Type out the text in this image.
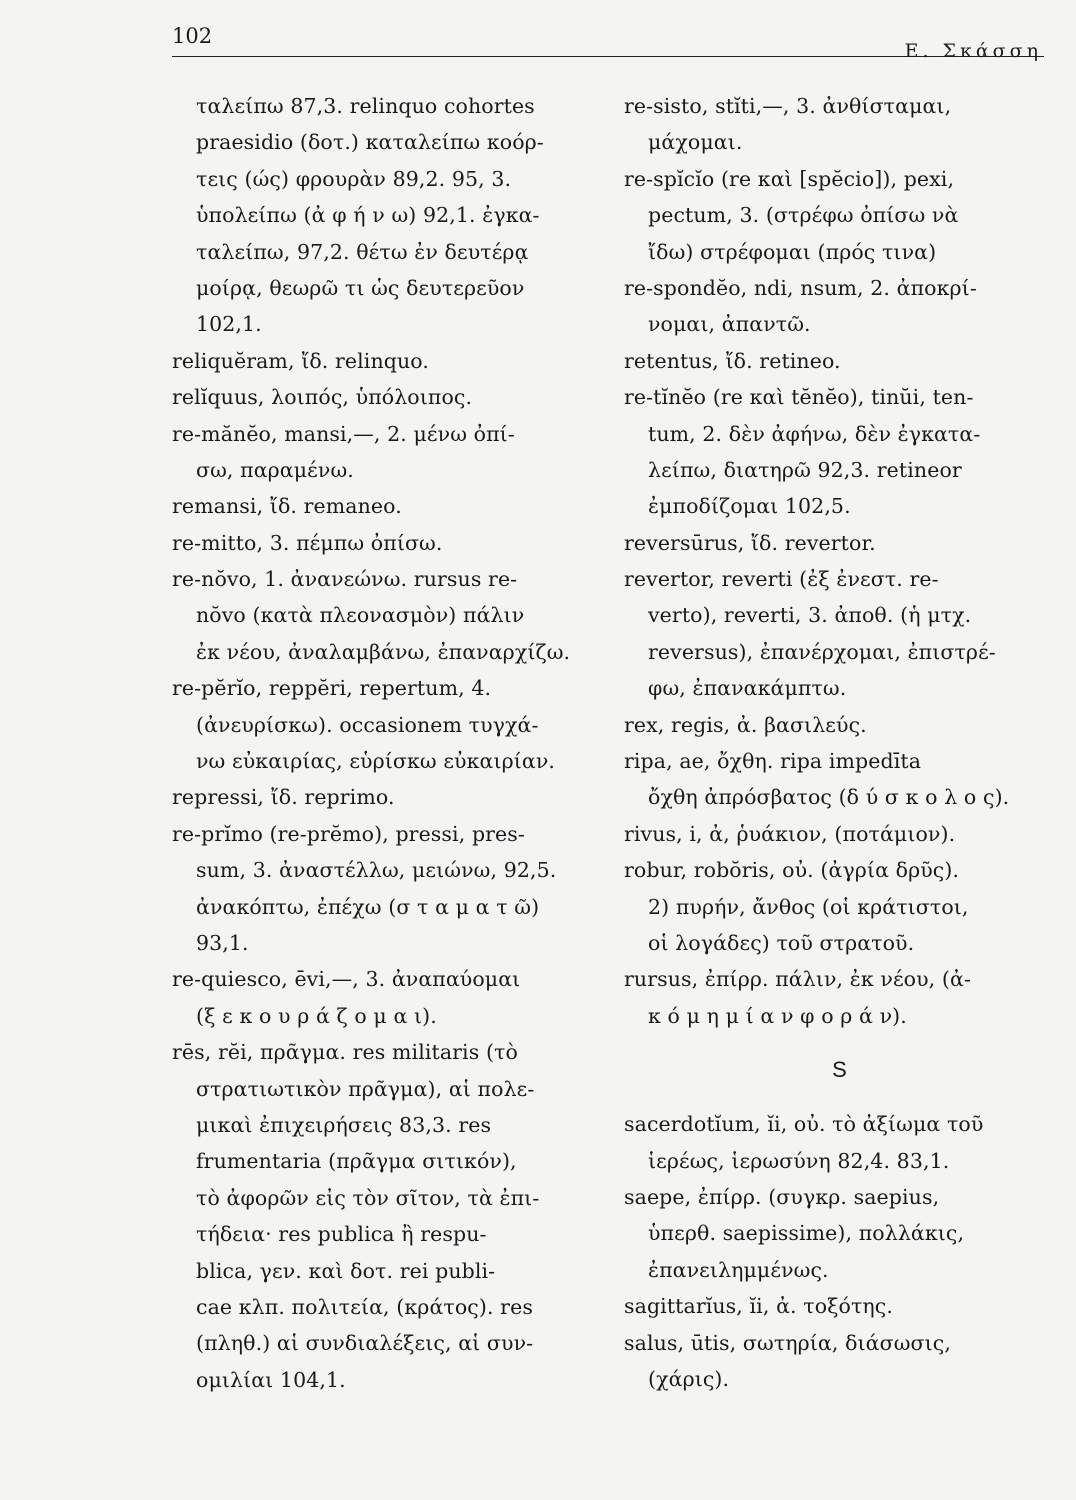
102
Ε. Σκάσση
ταλείπω 87,3. relinquo cohortes
praesidio (δοτ.) καταλείπω κοόρ-
τεις (ώς) φρουρὰν 89,2. 95, 3.
ὑπολείπω (ἀ φ ή ν ω) 92,1. ἐγκα-
ταλείπω, 97,2. θέτω ἐν δευτέρᾳ
μοίρᾳ, θεωρῶ τι ὡς δευτερεῦον
102,1.
reliquĕram, ἴδ. relinquo.
relĭquus, λοιπός, ὑπόλοιπος.
re-mănĕo, mansi,—, 2. μένω ὀπί-
σω, παραμένω.
remansi, ἴδ. remaneo.
re-mitto, 3. πέμπω ὀπίσω.
re-nŏvo, 1. ἀνανεώνω. rursus re-
nŏvo (κατὰ πλεονασμὸν) πάλιν
ἐκ νέου, ἀναλαμβάνω, ἐπαναρχίζω.
re-pĕrĭo, reppĕri, repertum, 4.
(ἀνευρίσκω). occasionem τυγχά-
νω εὐκαιρίας, εὑρίσκω εὐκαιρίαν.
repressi, ἴδ. reprimo.
re-prĭmo (re-prĕmo), pressi, pres-
sum, 3. ἀναστέλλω, μειώνω, 92,5.
ἀνακόπτω, ἐπέχω (σ τ α μ α τ ῶ)
93,1.
re-quiesco, ēvi,—, 3. ἀναπαύομαι
(ξ ε κ ο υ ρ ά ζ ο μ α ι).
rēs, rĕi, πρᾶγμα. res militaris (τὸ
στρατιωτικὸν πρᾶγμα), αἱ πολε-
μικαὶ ἐπιχειρήσεις 83,3. res
frumentaria (πρᾶγμα σιτικόν),
τὸ ἀφορῶν εἰς τὸν σῖτον, τὰ ἐπι-
τήδεια· res publica ἢ respu-
blica, γεν. καὶ δοτ. rei publi-
cae κλπ. πολιτεία, (κράτος). res
(πληθ.) αἱ συνδιαλέξεις, αἱ συν-
ομιλίαι 104,1.
re-sisto, stĭti,—, 3. ἀνθίσταμαι,
μάχομαι.
re-spĭcĭo (re καὶ [spĕcio]), pexi,
pectum, 3. (στρέφω ὀπίσω νὰ
ἴδω) στρέφομαι (πρός τινα)
re-spondĕo, ndi, nsum, 2. ἀποκρί-
νομαι, ἀπαντῶ.
retentus, ἴδ. retineo.
re-tĭnĕo (re καὶ tĕnĕo), tinŭi, ten-
tum, 2. δὲν ἀφήνω, δὲν ἐγκατα-
λείπω, διατηρῶ 92,3. retineor
ἐμποδίζομαι 102,5.
reversūrus, ἴδ. revertor.
revertor, reverti (ἐξ ἐνεστ. re-
verto), reverti, 3. ἀποθ. (ἡ μτχ.
reversus), ἐπανέρχομαι, ἐπιστρέ-
φω, ἐπανακάμπτω.
rex, regis, ἀ. βασιλεύς.
ripa, ae, ὄχθη. ripa impedīta
ὄχθη ἀπρόσβατος (δ ύ σ κ ο λ ο ς).
rivus, i, ἀ, ῥυάκιον, (ποτάμιον).
robur, robŏris, οὐ. (ἀγρία δρῦς).
2) πυρήν, ἄνθος (οἱ κράτιστοι,
οἱ λογάδες) τοῦ στρατοῦ.
rursus, ἐπίρρ. πάλιν, ἐκ νέου, (ἀ-
κ ό μ η μ ί α ν φ ο ρ ά ν).
S
sacerdotĭum, ĭi, οὐ. τὸ ἀξίωμα τοῦ
ἱερέως, ἱερωσύνη 82,4. 83,1.
saepe, ἐπίρρ. (συγκρ. saepius,
ὑπερθ. saepissime), πολλάκις,
ἐπανειλημμένως.
sagittarĭus, ĭi, ἀ. τοξότης.
salus, ūtis, σωτηρία, διάσωσις,
(χάρις).
